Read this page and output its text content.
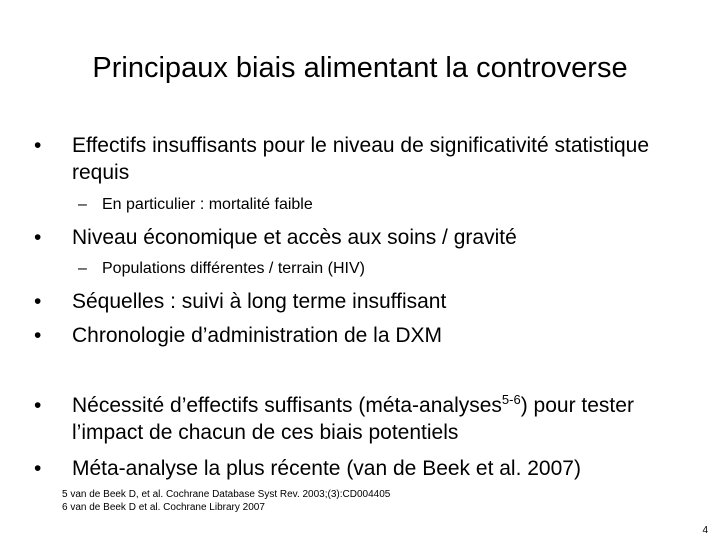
Principaux biais alimentant la controverse
•	Effectifs insuffisants pour le niveau de significativité statistique requis
– En particulier : mortalité faible
•	Niveau économique et accès aux soins / gravité
– Populations différentes / terrain (HIV)
•	Séquelles : suivi à long terme insuffisant
•	Chronologie d’administration de la DXM
•	Nécessité d’effectifs suffisants (méta-analyses$^{5-6}$) pour tester l’impact de chacun de ces biais potentiels
•	Méta-analyse la plus récente (van de Beek et al. 2007)
5 van de Beek D, et al. Cochrane Database Syst Rev. 2003;(3):CD004405
6 van de Beek D et al. Cochrane Library 2007
4
